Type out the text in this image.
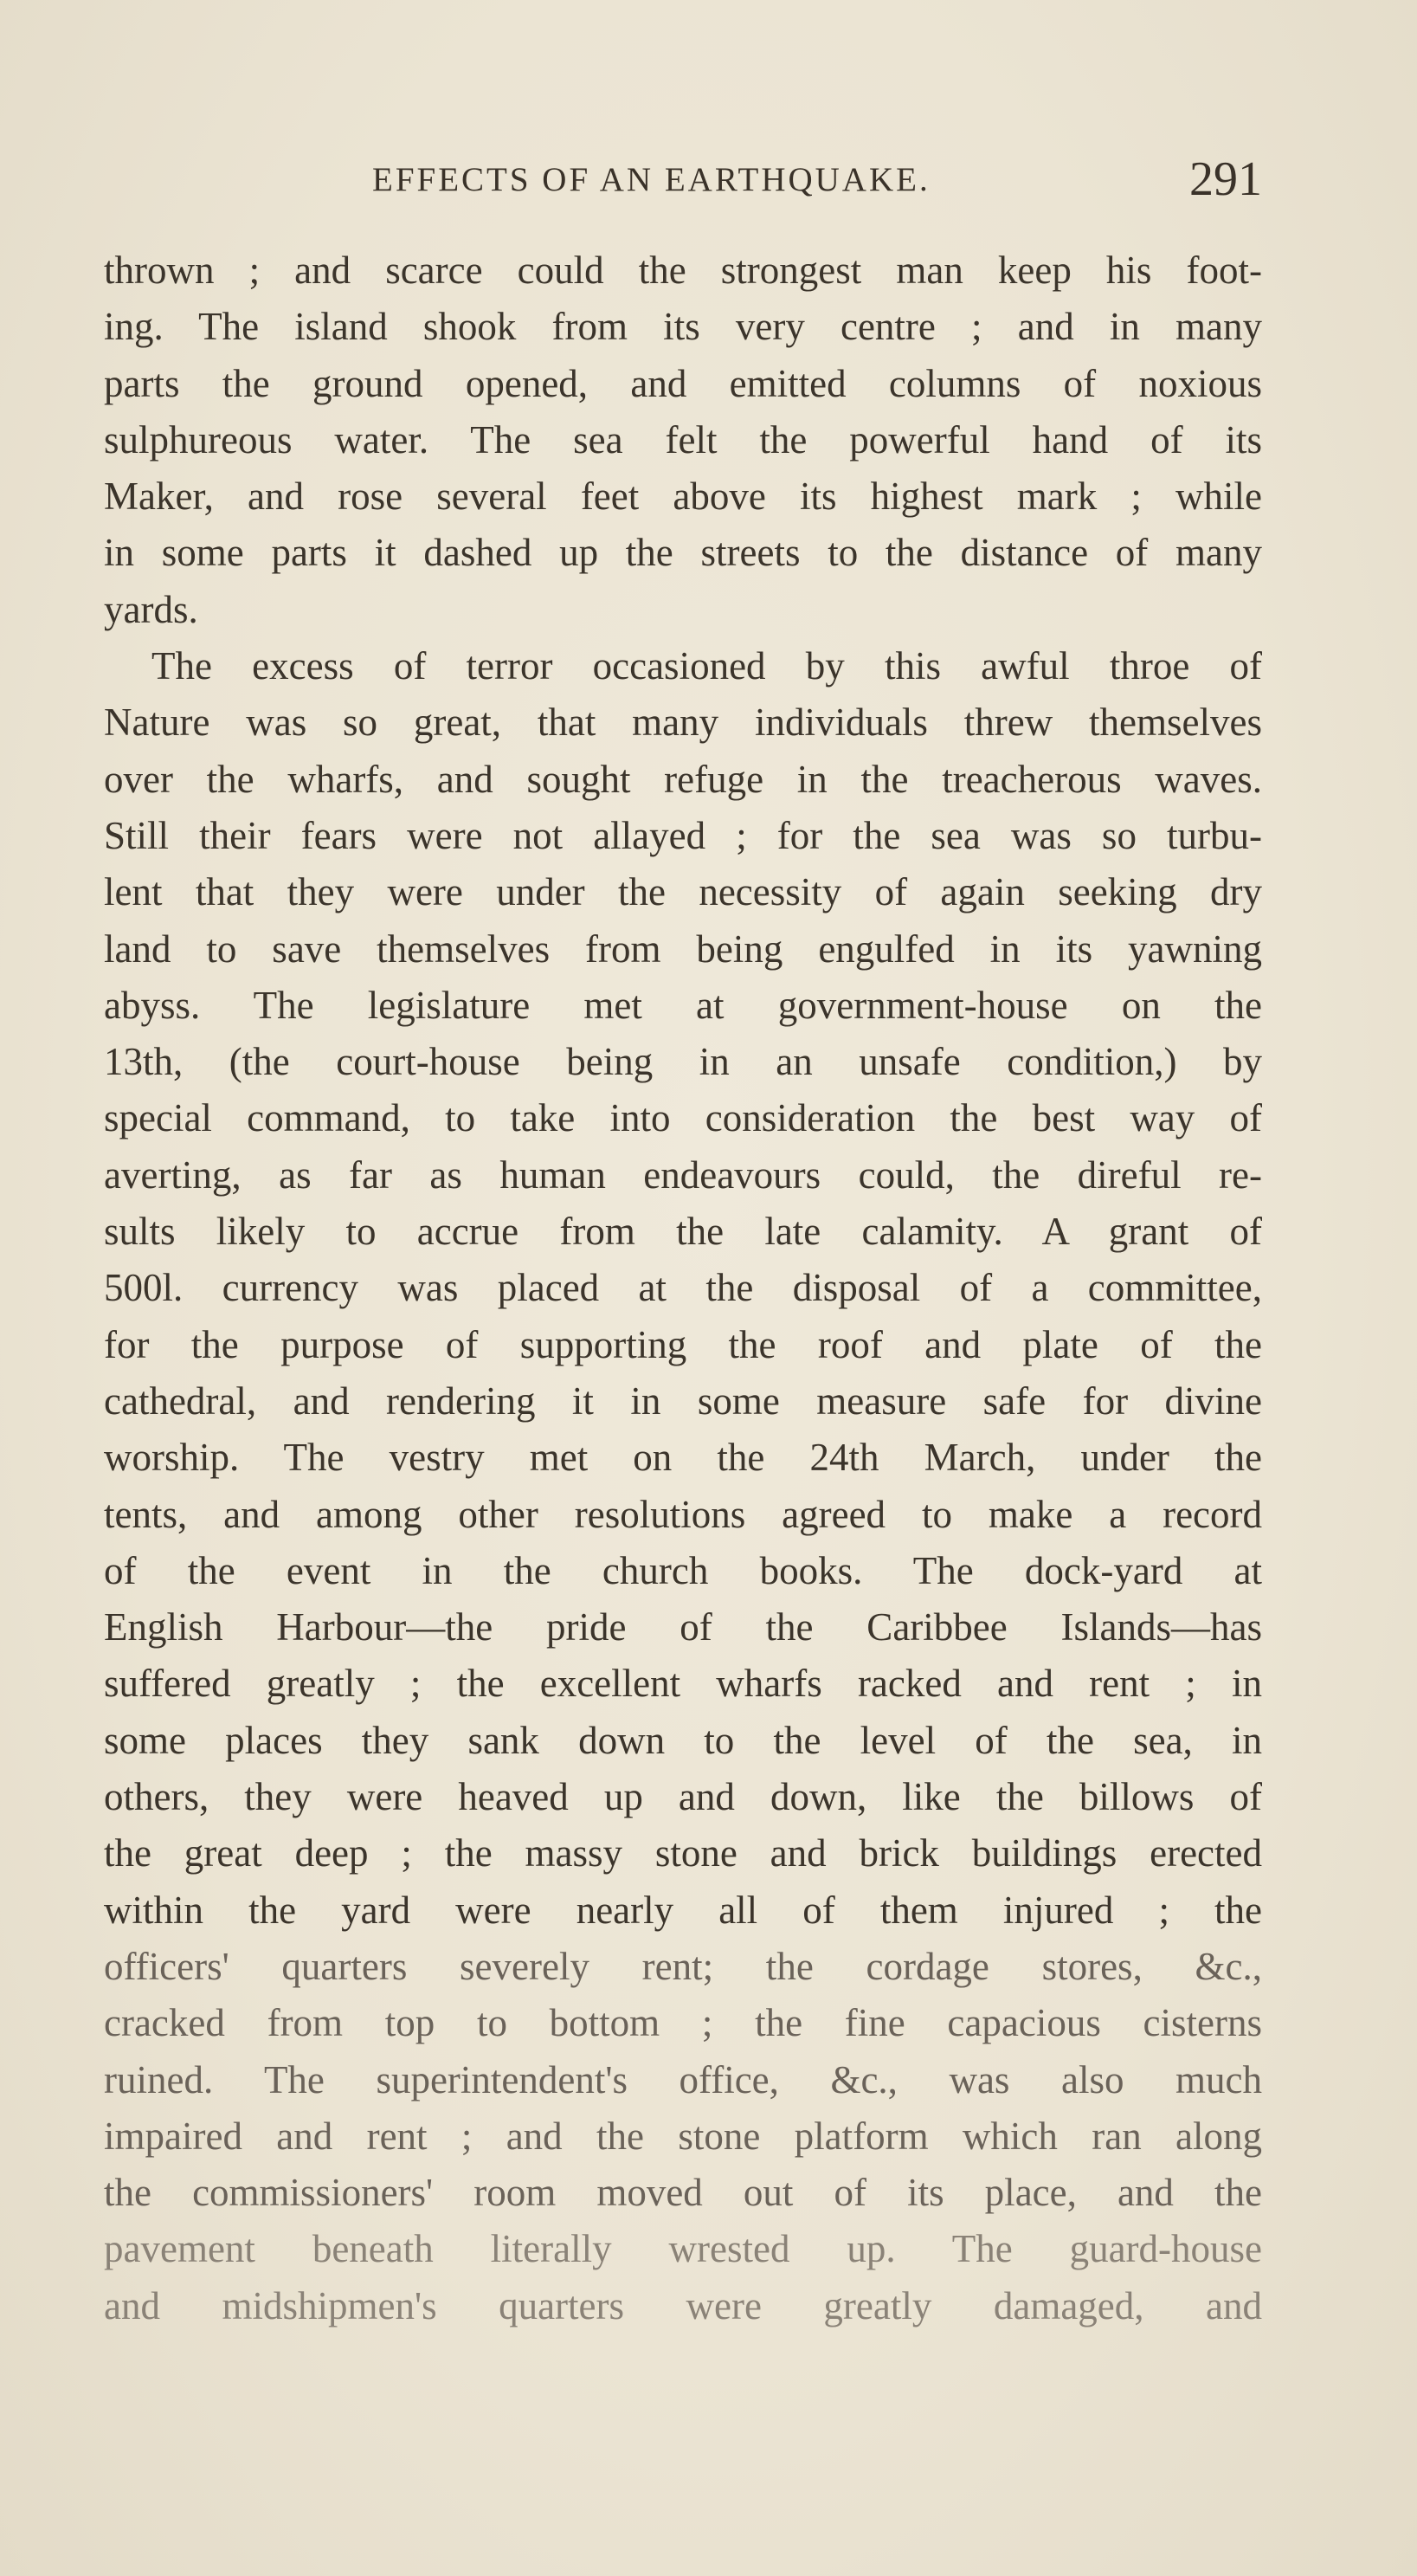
EFFECTS OF AN EARTHQUAKE.	291
thrown ; and scarce could the strongest man keep his foot-
ing. The island shook from its very centre ; and in many
parts the ground opened, and emitted columns of noxious
sulphureous water. The sea felt the powerful hand of its
Maker, and rose several feet above its highest mark ; while
in some parts it dashed up the streets to the distance of many
yards.
The excess of terror occasioned by this awful throe of
Nature was so great, that many individuals threw themselves
over the wharfs, and sought refuge in the treacherous waves.
Still their fears were not allayed ; for the sea was so turbu-
lent that they were under the necessity of again seeking dry
land to save themselves from being engulfed in its yawning
abyss. The legislature met at government-house on the
13th, (the court-house being in an unsafe condition,) by
special command, to take into consideration the best way of
averting, as far as human endeavours could, the direful re-
sults likely to accrue from the late calamity. A grant of
500l. currency was placed at the disposal of a committee,
for the purpose of supporting the roof and plate of the
cathedral, and rendering it in some measure safe for divine
worship. The vestry met on the 24th March, under the
tents, and among other resolutions agreed to make a record
of the event in the church books. The dock-yard at
English Harbour—the pride of the Caribbee Islands—has
suffered greatly ; the excellent wharfs racked and rent ; in
some places they sank down to the level of the sea, in
others, they were heaved up and down, like the billows of
the great deep ; the massy stone and brick buildings erected
within the yard were nearly all of them injured ; the
officers' quarters severely rent; the cordage stores, &c.,
cracked from top to bottom ; the fine capacious cisterns
ruined. The superintendent's office, &c., was also much
impaired and rent ; and the stone platform which ran along
the commissioners' room moved out of its place, and the
pavement beneath literally wrested up. The guard-house
and midshipmen's quarters were greatly damaged, and
